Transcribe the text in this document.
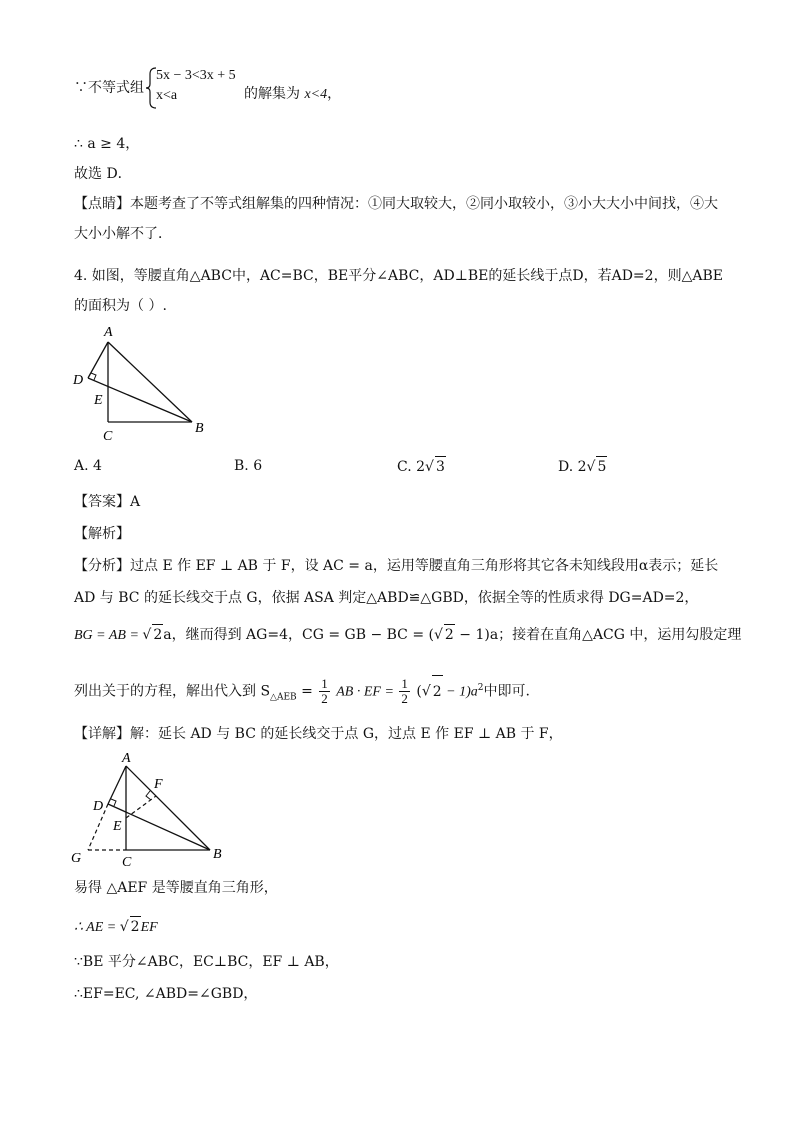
∵不等式组
5x − 3<3x + 5
x<a	的解集为 x<4，
∴ a ≥ 4，
故选 D．
【点睛】本题考查了不等式组解集的四种情况：①同大取较大，②同小取较小，③小大大小中间找，④大
大小小解不了．
4. 如图，等腰直角△ABC中，AC=BC，BE平分∠ABC，AD⊥BE的延长线于点D，若AD=2，则△ABE
的面积为（ ）.
A
D
E
C
B
A. 4	B. 6	C. 2√ 3	D. 2√ 5
【答案】A
【解析】
【分析】过点 E 作 EF ⊥ AB 于 F，设 AC = a，运用等腰直角三角形将其它各未知线段用α表示；延长
AD 与 BC 的延长线交于点 G，依据 ASA 判定△ABD≌△GBD，依据全等的性质求得 DG=AD=2，
BG = AB = √ 2a，继而得到 AG=4，CG = GB − BC = (√ 2 − 1)a；接着在直角△ACG 中，运用勾股定理
列出关于的方程，解出代入到 $S_{\triangle AEB} = \frac{1}{2}$ AB · EF = $\frac{1}{2}$ (√ $2 - 1)a^2$中即可.
【详解】解：延长 AD 与 BC 的延长线交于点 G，过点 E 作 EF ⊥ AB 于 F，
A
F
D
E
G	C
B
易得 △AEF 是等腰直角三角形，
∴ AE = √ 2EF
∵BE 平分∠ABC，EC⊥BC，EF ⊥ AB，
∴EF=EC, ∠ABD=∠GBD，
